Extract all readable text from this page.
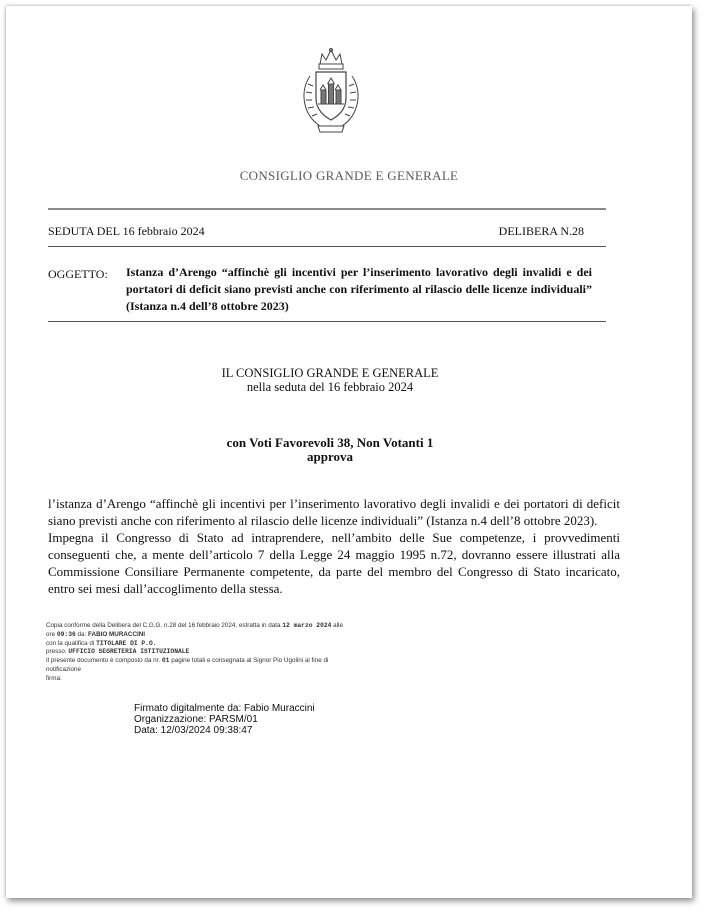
CONSIGLIO GRANDE E GENERALE
SEDUTA DEL 16 febbraio 2024	DELIBERA N.28
OGGETTO: Istanza d’Arengo “affinchè gli incentivi per l’inserimento lavorativo degli invalidi e dei portatori di deficit siano previsti anche con riferimento al rilascio delle licenze individuali” (Istanza n.4 dell’8 ottobre 2023)
IL CONSIGLIO GRANDE E GENERALE
nella seduta del 16 febbraio 2024
con Voti Favorevoli 38, Non Votanti 1
approva

l’istanza d’Arengo “affinchè gli incentivi per l’inserimento lavorativo degli invalidi e dei portatori di deficit siano previsti anche con riferimento al rilascio delle licenze individuali” (Istanza n.4 dell’8 ottobre 2023).

Impegna il Congresso di Stato ad intraprendere, nell’ambito delle Sue competenze, i provvedimenti conseguenti che, a mente dell’articolo 7 della Legge 24 maggio 1995 n.72, dovranno essere illustrati alla Commissione Consiliare Permanente competente, da parte del membro del Congresso di Stato incaricato, entro sei mesi dall’accoglimento della stessa.

Copia conforme della Delibera del C.G.G. n.28 del 16 febbraio 2024, estratta in data 12 marzo 2024 alle
ore 09:36 da: FABIO MURACCINI
con la qualifica di TITOLARE DI P.O.
presso: UFFICIO SEGRETERIA ISTITUZIONALE
Il presente documento è composto da nr. 01 pagine totali e consegnata al Signor Pio Ugolini al fine di
notificazione
firma:
Firmato digitalmente da: Fabio Muraccini
Organizzazione: PARSM/01
Data: 12/03/2024 09:38:47
